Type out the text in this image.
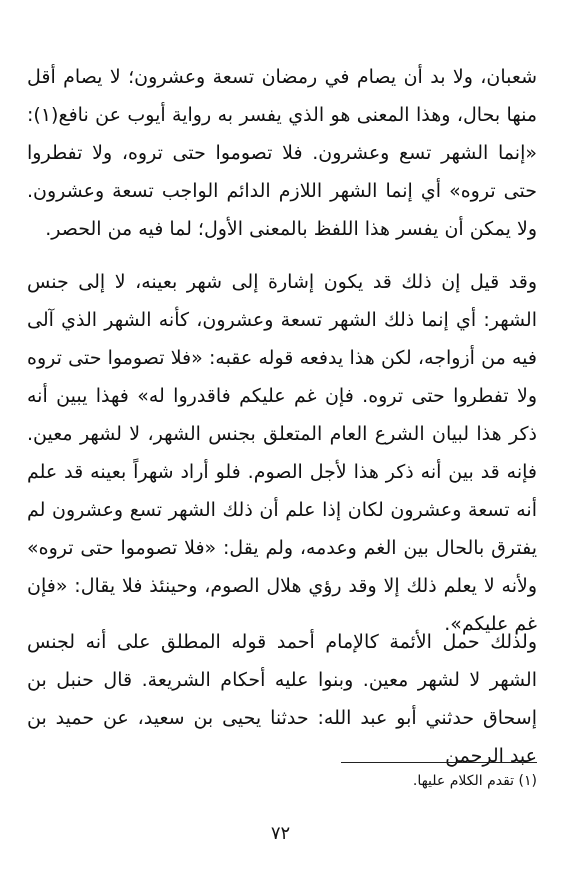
شعبان، ولا بد أن يصام في رمضان تسعة وعشرون؛ لا يصام أقل منها بحال، وهذا المعنى هو الذي يفسر به رواية أيوب عن نافع(١): «إنما الشهر تسع وعشرون. فلا تصوموا حتى تروه، ولا تفطروا حتى تروه» أي إنما الشهر اللازم الدائم الواجب تسعة وعشرون. ولا يمكن أن يفسر هذا اللفظ بالمعنى الأول؛ لما فيه من الحصر.

وقد قيل إن ذلك قد يكون إشارة إلى شهر بعينه، لا إلى جنس الشهر: أي إنما ذلك الشهر تسعة وعشرون، كأنه الشهر الذي آلى فيه من أزواجه، لكن هذا يدفعه قوله عقبه: «فلا تصوموا حتى تروه ولا تفطروا حتى تروه. فإن غم عليكم فاقدروا له» فهذا يبين أنه ذكر هذا لبيان الشرع العام المتعلق بجنس الشهر، لا لشهر معين. فإنه قد بين أنه ذكر هذا لأجل الصوم. فلو أراد شهراً بعينه قد علم أنه تسعة وعشرون لكان إذا علم أن ذلك الشهر تسع وعشرون لم يفترق بالحال بين الغم وعدمه، ولم يقل: «فلا تصوموا حتى تروه» ولأنه لا يعلم ذلك إلا وقد رؤي هلال الصوم، وحينئذ فلا يقال: «فإن غم عليكم».

ولذلك حمل الأئمة كالإمام أحمد قوله المطلق على أنه لجنس الشهر لا لشهر معين. وبنوا عليه أحكام الشريعة. قال حنبل بن إسحاق حدثني أبو عبد الله: حدثنا يحيى بن سعيد، عن حميد بن عبد الرحمن

(١) تقدم الكلام عليها.
٧٢
